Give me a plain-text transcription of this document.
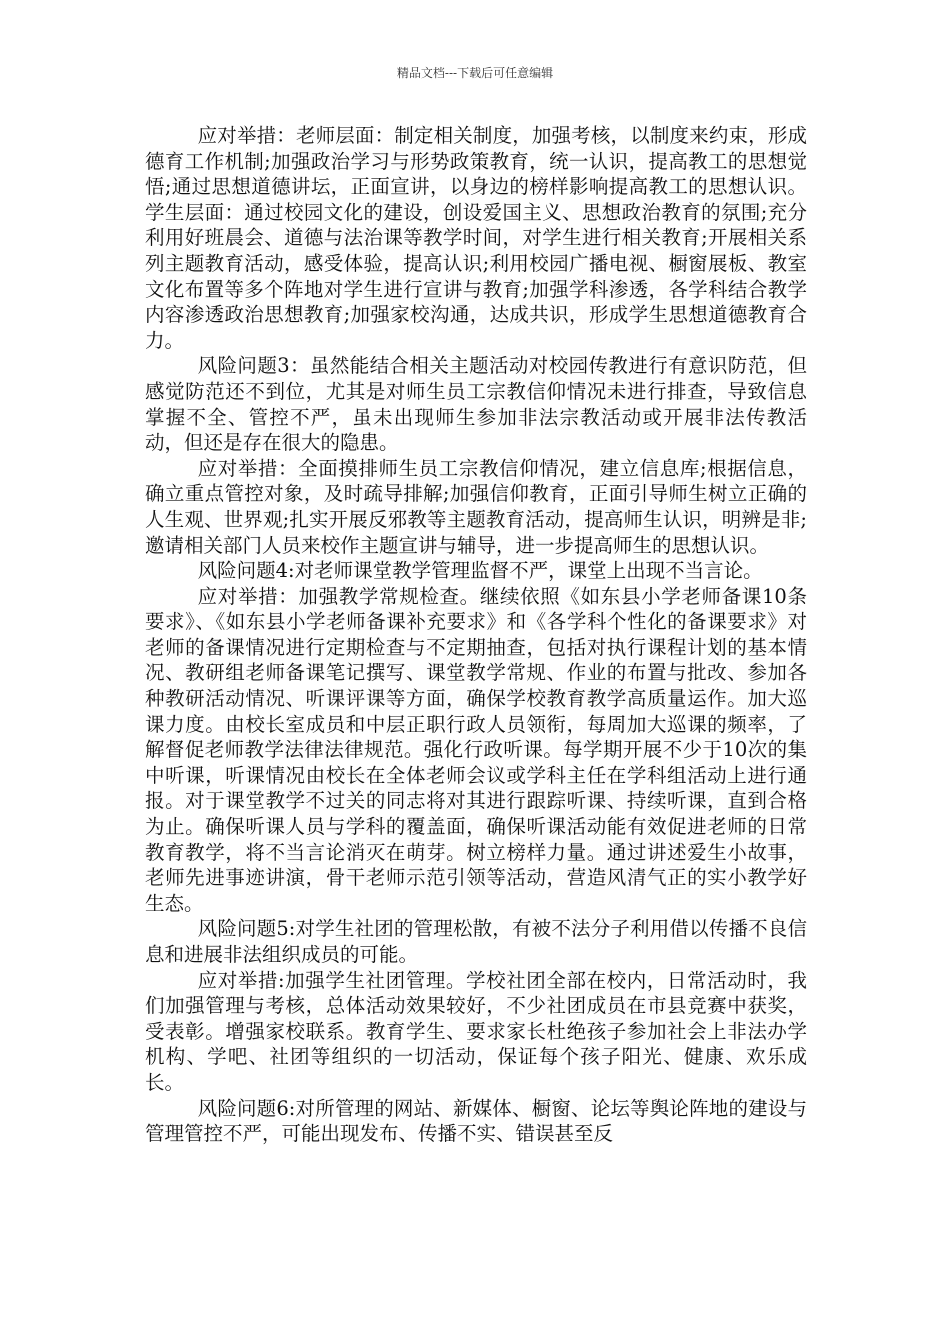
精品文档---下载后可任意编辑

应对举措：老师层面：制定相关制度，加强考核，以制度来约束，形成德育工作机制;加强政治学习与形势政策教育，统一认识，提高教工的思想觉悟;通过思想道德讲坛，正面宣讲，以身边的榜样影响提高教工的思想认识。学生层面：通过校园文化的建设，创设爱国主义、思想政治教育的氛围;充分利用好班晨会、道德与法治课等教学时间，对学生进行相关教育;开展相关系列主题教育活动，感受体验，提高认识;利用校园广播电视、橱窗展板、教室文化布置等多个阵地对学生进行宣讲与教育;加强学科渗透，各学科结合教学内容渗透政治思想教育;加强家校沟通，达成共识，形成学生思想道德教育合力。

风险问题3：虽然能结合相关主题活动对校园传教进行有意识防范，但感觉防范还不到位，尤其是对师生员工宗教信仰情况未进行排查，导致信息掌握不全、管控不严，虽未出现师生参加非法宗教活动或开展非法传教活动，但还是存在很大的隐患。

应对举措：全面摸排师生员工宗教信仰情况，建立信息库;根据信息，确立重点管控对象，及时疏导排解;加强信仰教育，正面引导师生树立正确的人生观、世界观;扎实开展反邪教等主题教育活动，提高师生认识，明辨是非;邀请相关部门人员来校作主题宣讲与辅导，进一步提高师生的思想认识。

风险问题4:对老师课堂教学管理监督不严，课堂上出现不当言论。

应对举措：加强教学常规检查。继续依照《如东县小学老师备课10条要求》、《如东县小学老师备课补充要求》和《各学科个性化的备课要求》对老师的备课情况进行定期检查与不定期抽查，包括对执行课程计划的基本情况、教研组老师备课笔记撰写、课堂教学常规、作业的布置与批改、参加各种教研活动情况、听课评课等方面，确保学校教育教学高质量运作。加大巡课力度。由校长室成员和中层正职行政人员领衔，每周加大巡课的频率，了解督促老师教学法律法律规范。强化行政听课。每学期开展不少于10次的集中听课，听课情况由校长在全体老师会议或学科主任在学科组活动上进行通报。对于课堂教学不过关的同志将对其进行跟踪听课、持续听课，直到合格为止。确保听课人员与学科的覆盖面，确保听课活动能有效促进老师的日常教育教学，将不当言论消灭在萌芽。树立榜样力量。通过讲述爱生小故事，老师先进事迹讲演，骨干老师示范引领等活动，营造风清气正的实小教学好生态。

风险问题5:对学生社团的管理松散，有被不法分子利用借以传播不良信息和进展非法组织成员的可能。

应对举措:加强学生社团管理。学校社团全部在校内，日常活动时，我们加强管理与考核，总体活动效果较好，不少社团成员在市县竞赛中获奖，受表彰。增强家校联系。教育学生、要求家长杜绝孩子参加社会上非法办学机构、学吧、社团等组织的一切活动，保证每个孩子阳光、健康、欢乐成长。

风险问题6:对所管理的网站、新媒体、橱窗、论坛等舆论阵地的建设与管理管控不严，可能出现发布、传播不实、错误甚至反
